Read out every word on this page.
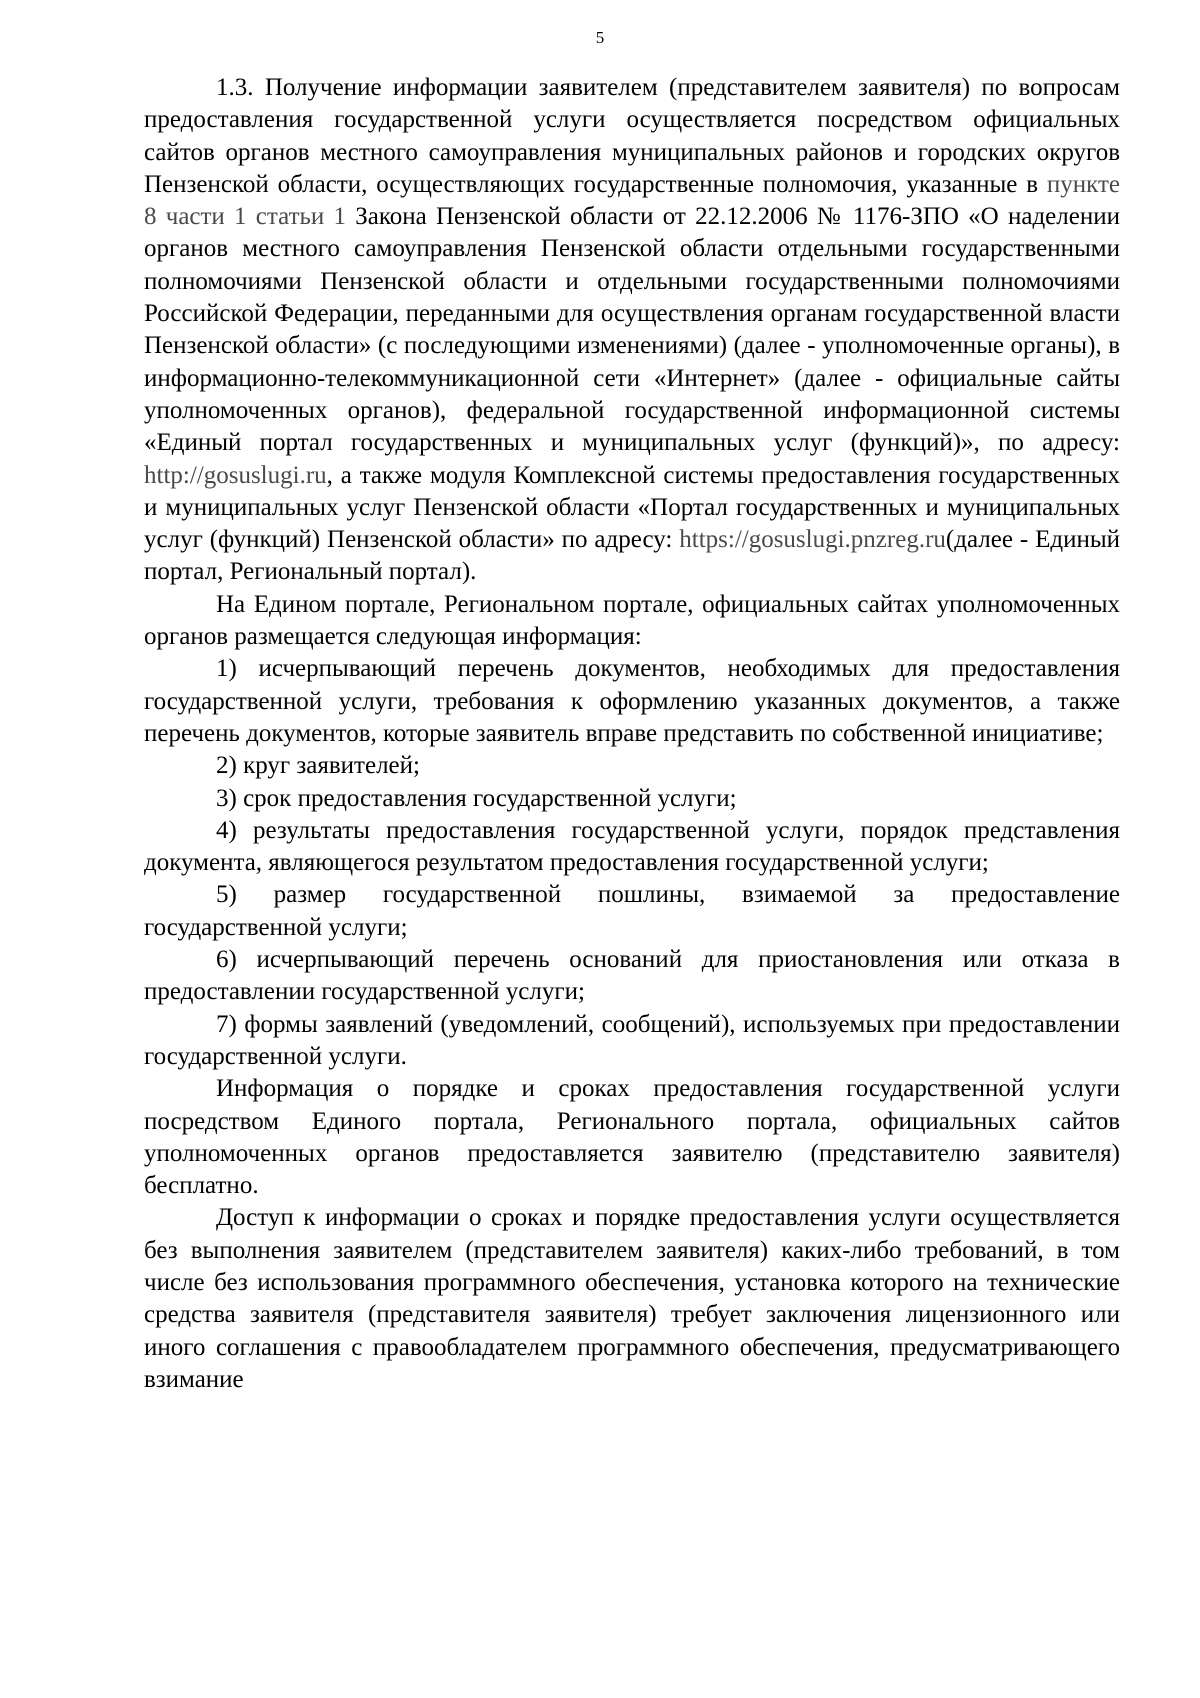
5

1.3. Получение информации заявителем (представителем заявителя) по вопросам предоставления государственной услуги осуществляется посредством официальных сайтов органов местного самоуправления муниципальных районов и городских округов Пензенской области, осуществляющих государственные полномочия, указанные в пункте 8 части 1 статьи 1 Закона Пензенской области от 22.12.2006 № 1176-ЗПО «О наделении органов местного самоуправления Пензенской области отдельными государственными полномочиями Пензенской области и отдельными государственными полномочиями Российской Федерации, переданными для осуществления органам государственной власти Пензенской области» (с последующими изменениями) (далее - уполномоченные органы), в информационно-телекоммуникационной сети «Интернет» (далее - официальные сайты уполномоченных органов), федеральной государственной информационной системы «Единый портал государственных и муниципальных услуг (функций)», по адресу: http://gosuslugi.ru, а также модуля Комплексной системы предоставления государственных и муниципальных услуг Пензенской области «Портал государственных и муниципальных услуг (функций) Пензенской области» по адресу: https://gosuslugi.pnzreg.ru(далее - Единый портал, Региональный портал).

На Едином портале, Региональном портале, официальных сайтах уполномоченных органов размещается следующая информация:

1) исчерпывающий перечень документов, необходимых для предоставления государственной услуги, требования к оформлению указанных документов, а также перечень документов, которые заявитель вправе представить по собственной инициативе;

2) круг заявителей;

3) срок предоставления государственной услуги;

4) результаты предоставления государственной услуги, порядок представления документа, являющегося результатом предоставления государственной услуги;

5) размер государственной пошлины, взимаемой за предоставление государственной услуги;

6) исчерпывающий перечень оснований для приостановления или отказа в предоставлении государственной услуги;

7) формы заявлений (уведомлений, сообщений), используемых при предоставлении государственной услуги.

Информация о порядке и сроках предоставления государственной услуги посредством Единого портала, Регионального портала, официальных сайтов уполномоченных органов предоставляется заявителю (представителю заявителя) бесплатно.

Доступ к информации о сроках и порядке предоставления услуги осуществляется без выполнения заявителем (представителем заявителя) каких-либо требований, в том числе без использования программного обеспечения, установка которого на технические средства заявителя (представителя заявителя) требует заключения лицензионного или иного соглашения с правообладателем программного обеспечения, предусматривающего взимание
